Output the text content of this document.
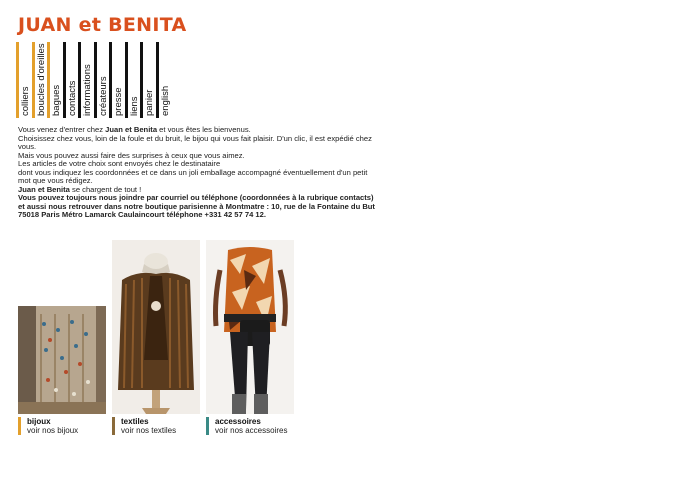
JUAN et BENITA
colliers boucles d'oreilles bagues contacts informations créateurs presse liens panier english

Vous venez d'entrer chez Juan et Benita et vous êtes les bienvenus.

Choisissez chez vous, loin de la foule et du bruit, le bijou qui vous fait plaisir. D'un clic, il est expédié chez vous.

Mais vous pouvez aussi faire des surprises à ceux que vous aimez.

Les articles de votre choix sont envoyés chez le destinataire

dont vous indiquez les coordonnées et ce dans un joli emballage accompagné éventuellement d'un petit mot que vous rédigez.

Juan et Benita se chargent de tout !

Vous pouvez toujours nous joindre par courriel ou téléphone (coordonnées à la rubrique contacts)

et aussi nous retrouver dans notre boutique parisienne à Montmatre : 10, rue de la Fontaine du But 75018 Paris Métro Lamarck Caulaincourt téléphone +331 42 57 74 12.

bijoux
voir nos bijoux
textiles
voir nos textiles
accessoires
voir nos accessoires
